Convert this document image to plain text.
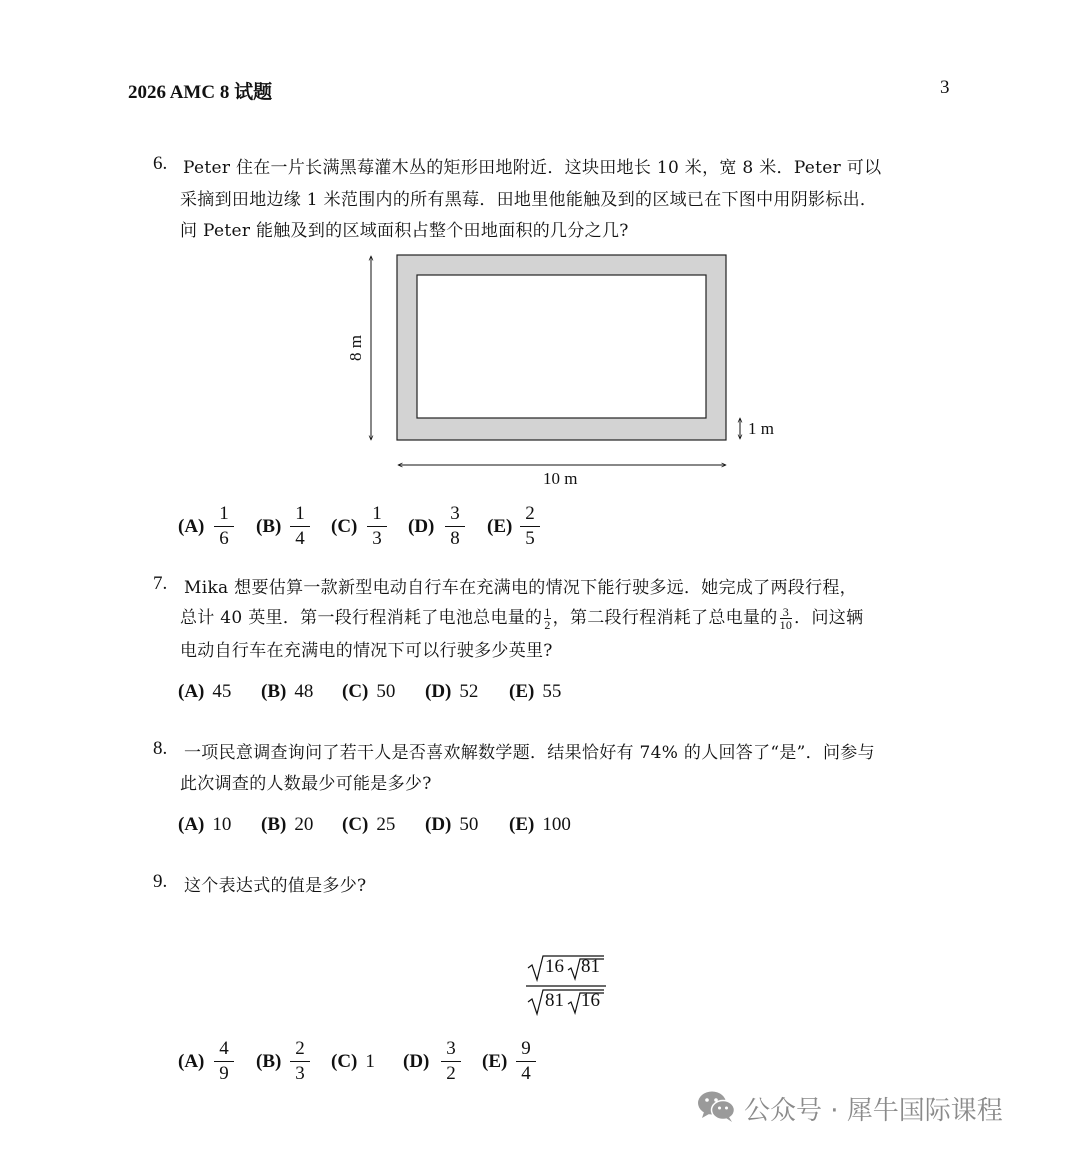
2026 AMC 8 试题	3
6. Peter 住在一片长满黑莓灌木丛的矩形田地附近．这块田地长 10 米，宽 8 米．Peter 可以
采摘到田地边缘 1 米范围内的所有黑莓．田地里他能触及到的区域已在下图中用阴影标出．
问 Peter 能触及到的区域面积占整个田地面积的几分之几?
8 m
10 m
1 m
(A)
1
6
(B)
1
4
(C)
1
3
(D)
3
8
(E)
2
5
7. Mika 想要估算一款新型电动自行车在充满电的情况下能行驶多远．她完成了两段行程，
总计 40 英里．第一段行程消耗了电池总电量的 $\frac{1}{2}$ ，第二段行程消耗了总电量的 $\frac{3}{10}$ ．问这辆
电动自行车在充满电的情况下可以行驶多少英里?
(A) 45 (B) 48 (C) 50 (D) 52 (E) 55
8. 一项民意调查询问了若干人是否喜欢解数学题．结果恰好有 74% 的人回答了“是”．问参与
此次调查的人数最少可能是多少?
(A) 10 (B) 20 (C) 25 (D) 50 (E) 100
9. 这个表达式的值是多少?
16 81
81 16
(A)
4
9
(B)
2
3
(C) 1 (D)
3
2
(E)
9
4
公众号 · 犀牛国际课程
